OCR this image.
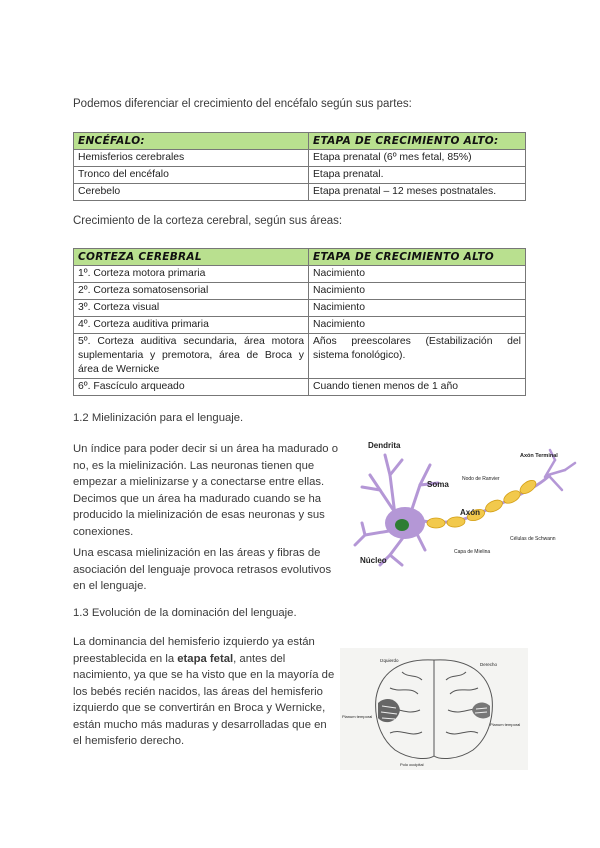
Podemos diferenciar el crecimiento del encéfalo según sus partes:
ENCÉFALO:	ETAPA DE CRECIMIENTO ALTO:
Hemisferios cerebrales	Etapa prenatal (6º mes fetal, 85%)
Tronco del encéfalo	Etapa prenatal.
Cerebelo	Etapa prenatal – 12 meses postnatales.
Crecimiento de la corteza cerebral, según sus áreas:
CORTEZA CEREBRAL	ETAPA DE CRECIMIENTO ALTO
1º. Corteza motora primaria	Nacimiento
2º. Corteza somatosensorial	Nacimiento
3º. Corteza visual	Nacimiento
4º. Corteza auditiva primaria	Nacimiento
5º. Corteza auditiva secundaria, área motora suplementaria y premotora, área de Broca y área de Wernicke	Años preescolares (Estabilización del sistema fonológico).
6º. Fascículo arqueado	Cuando tienen menos de 1 año
1.2 Mielinización para el lenguaje.
Un índice para poder decir si un área ha madurado o no, es la mielinización. Las neuronas tienen que empezar a mielinizarse y a conectarse entre ellas. Decimos que un área ha madurado cuando se ha producido la mielinización de esas neuronas y sus conexiones.
Una escasa mielinización en las áreas y fibras de asociación del lenguaje provoca retrasos evolutivos en el lenguaje.
Dendrita
Soma
Núcleo
Axón
Axón Terminal
Nodo de Ranvier
Células de Schwann
Capa de Mielina
1.3 Evolución de la dominación del lenguaje.
La dominancia del hemisferio izquierdo ya están preestablecida en la etapa fetal, antes del nacimiento, ya que se ha visto que en la mayoría de los bebés recién nacidos, las áreas del hemisferio izquierdo que se convertirán en Broca y Wernicke, están mucho más maduras y desarrolladas que en el hemisferio derecho.
Izquierdo
Derecho
Planum temporal
Planum temporal
Polo occipital
